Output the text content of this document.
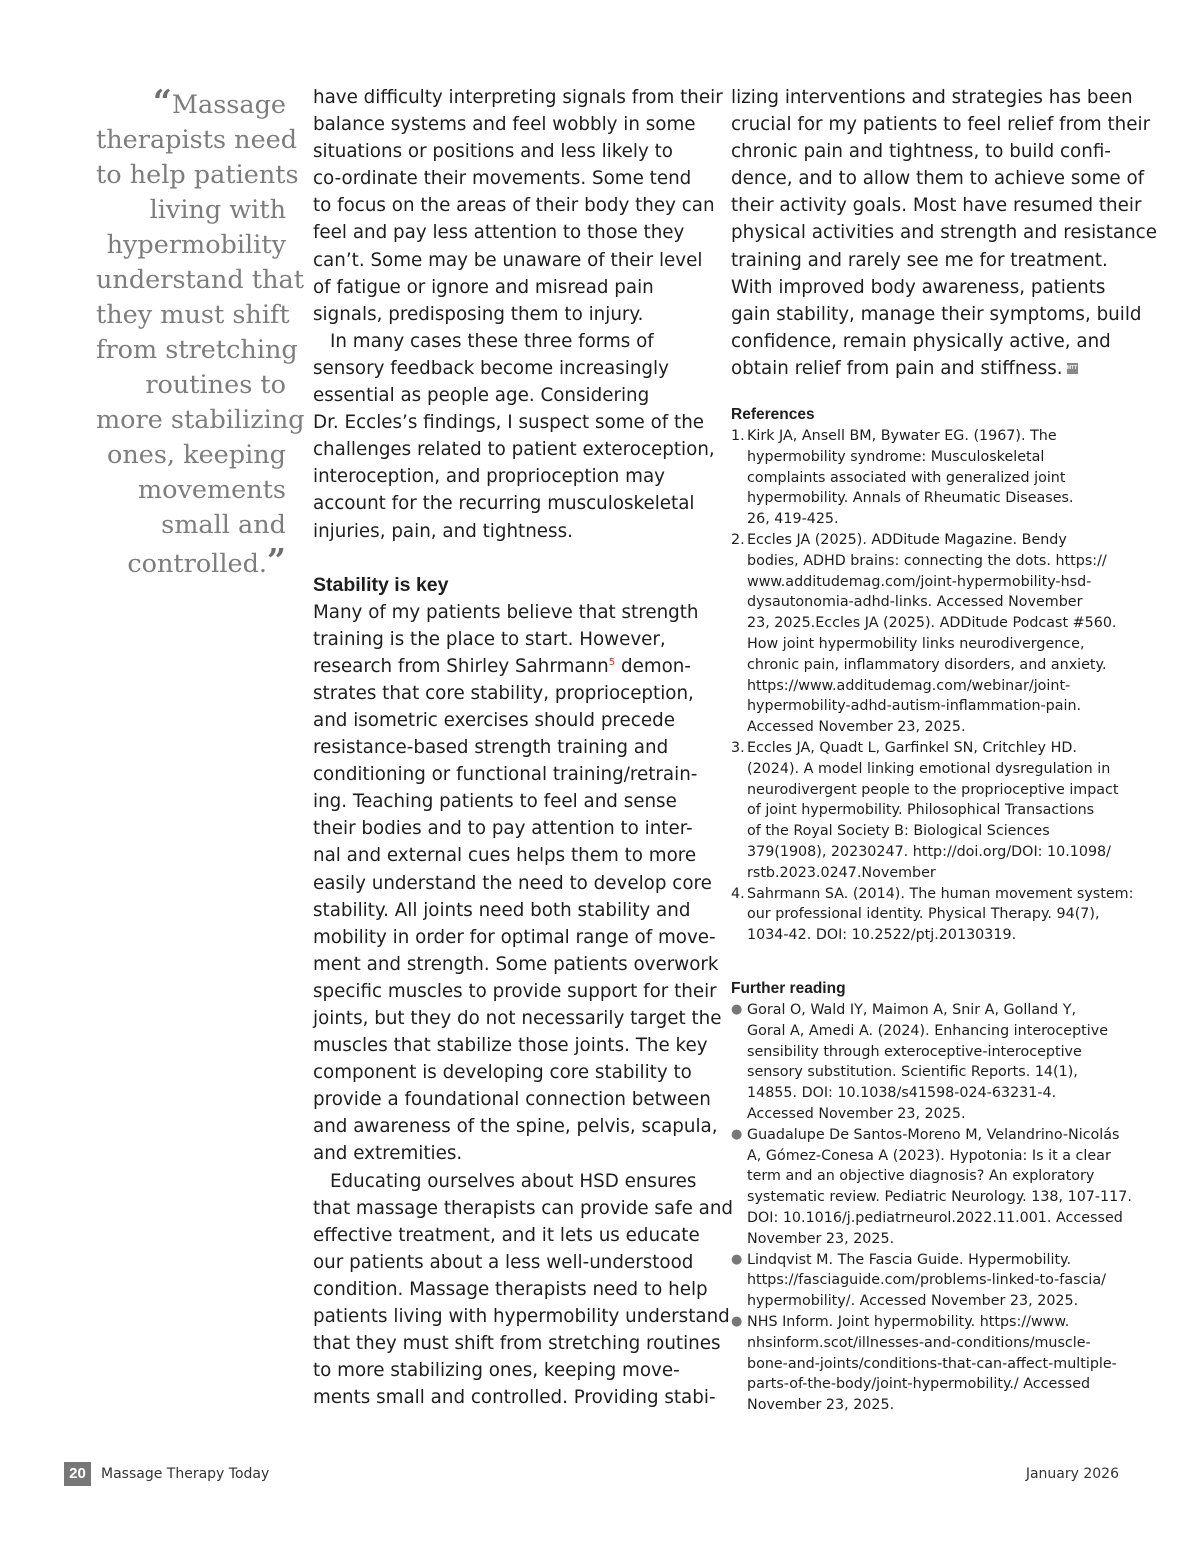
“Massage
therapists need
to help patients
living with
hypermobility
understand that
they must shift
from stretching
routines to
more stabilizing
ones, keeping
movements
small and
controlled.”
have difficulty interpreting signals from their
balance systems and feel wobbly in some
situations or positions and less likely to
co-ordinate their movements. Some tend
to focus on the areas of their body they can
feel and pay less attention to those they
can’t. Some may be unaware of their level
of fatigue or ignore and misread pain
signals, predisposing them to injury.
In many cases these three forms of
sensory feedback become increasingly
essential as people age. Considering
Dr. Eccles’s findings, I suspect some of the
challenges related to patient exteroception,
interoception, and proprioception may
account for the recurring musculoskeletal
injuries, pain, and tightness.
Stability is key
Many of my patients believe that strength
training is the place to start. However,
research from Shirley Sahrmann$^5$ demon-
strates that core stability, proprioception,
and isometric exercises should precede
resistance-based strength training and
conditioning or functional training/retrain-
ing. Teaching patients to feel and sense
their bodies and to pay attention to inter-
nal and external cues helps them to more
easily understand the need to develop core
stability. All joints need both stability and
mobility in order for optimal range of move-
ment and strength. Some patients overwork
specific muscles to provide support for their
joints, but they do not necessarily target the
muscles that stabilize those joints. The key
component is developing core stability to
provide a foundational connection between
and awareness of the spine, pelvis, scapula,
and extremities.
Educating ourselves about HSD ensures
that massage therapists can provide safe and
effective treatment, and it lets us educate
our patients about a less well-understood
condition. Massage therapists need to help
patients living with hypermobility understand
that they must shift from stretching routines
to more stabilizing ones, keeping move-
ments small and controlled. Providing stabi-
lizing interventions and strategies has been
crucial for my patients to feel relief from their
chronic pain and tightness, to build confi-
dence, and to allow them to achieve some of
their activity goals. Most have resumed their
physical activities and strength and resistance
training and rarely see me for treatment.
With improved body awareness, patients
gain stability, manage their symptoms, build
confidence, remain physically active, and
obtain relief from pain and stiffness. MTT
References
1. Kirk JA, Ansell BM, Bywater EG. (1967). The
hypermobility syndrome: Musculoskeletal
complaints associated with generalized joint
hypermobility. Annals of Rheumatic Diseases.
26, 419-425.
2. Eccles JA (2025). ADDitude Magazine. Bendy
bodies, ADHD brains: connecting the dots. https://
www.additudemag.com/joint-hypermobility-hsd-
dysautonomia-adhd-links. Accessed November
23, 2025.Eccles JA (2025). ADDitude Podcast #560.
How joint hypermobility links neurodivergence,
chronic pain, inflammatory disorders, and anxiety.
https://www.additudemag.com/webinar/joint-
hypermobility-adhd-autism-inflammation-pain.
Accessed November 23, 2025.
3. Eccles JA, Quadt L, Garfinkel SN, Critchley HD.
(2024). A model linking emotional dysregulation in
neurodivergent people to the proprioceptive impact
of joint hypermobility. Philosophical Transactions
of the Royal Society B: Biological Sciences
379(1908), 20230247. http://doi.org/DOI: 10.1098/
rstb.2023.0247.November
4. Sahrmann SA. (2014). The human movement system:
our professional identity. Physical Therapy. 94(7),
1034-42. DOI: 10.2522/ptj.20130319.
Further reading
● Goral O, Wald IY, Maimon A, Snir A, Golland Y,
Goral A, Amedi A. (2024). Enhancing interoceptive
sensibility through exteroceptive-interoceptive
sensory substitution. Scientific Reports. 14(1),
14855. DOI: 10.1038/s41598-024-63231-4.
Accessed November 23, 2025.
● Guadalupe De Santos-Moreno M, Velandrino-Nicolás
A, Gómez-Conesa A (2023). Hypotonia: Is it a clear
term and an objective diagnosis? An exploratory
systematic review. Pediatric Neurology. 138, 107-117.
DOI: 10.1016/j.pediatrneurol.2022.11.001. Accessed
November 23, 2025.
● Lindqvist M. The Fascia Guide. Hypermobility.
https://fasciaguide.com/problems-linked-to-fascia/
hypermobility/. Accessed November 23, 2025.
● NHS Inform. Joint hypermobility. https://www.
nhsinform.scot/illnesses-and-conditions/muscle-
bone-and-joints/conditions-that-can-affect-multiple-
parts-of-the-body/joint-hypermobility./ Accessed
November 23, 2025.
20	Massage Therapy Today	January 2026
